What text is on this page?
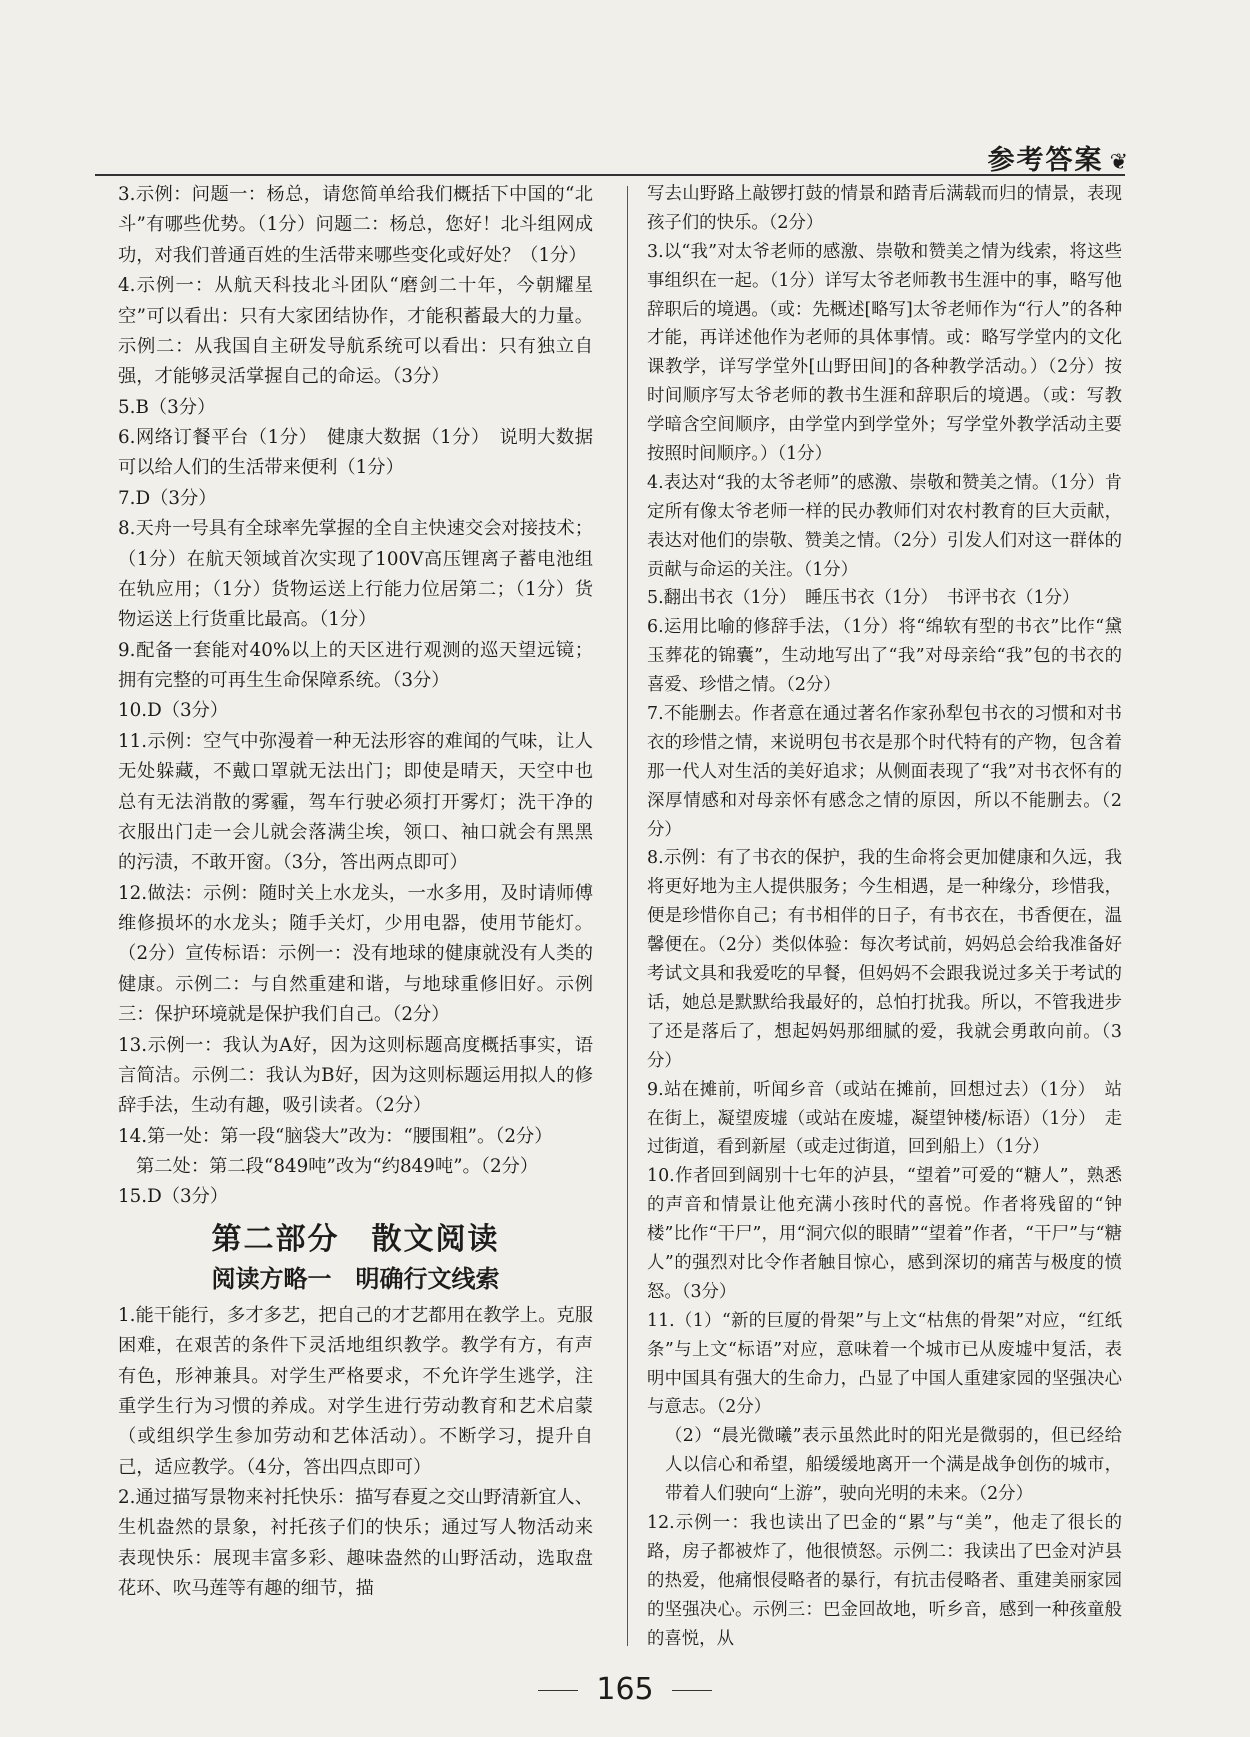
参考答案 ❦

3.示例：问题一：杨总，请您简单给我们概括下中国的“北斗”有哪些优势。（1分）问题二：杨总，您好！北斗组网成功，对我们普通百姓的生活带来哪些变化或好处？（1分）

4.示例一：从航天科技北斗团队“磨剑二十年，今朝耀星空”可以看出：只有大家团结协作，才能积蓄最大的力量。示例二：从我国自主研发导航系统可以看出：只有独立自强，才能够灵活掌握自己的命运。（3分）

5.B（3分）

6.网络订餐平台（1分）　健康大数据（1分）　说明大数据可以给人们的生活带来便利（1分）

7.D（3分）

8.天舟一号具有全球率先掌握的全自主快速交会对接技术；（1分）在航天领域首次实现了100V高压锂离子蓄电池组在轨应用；（1分）货物运送上行能力位居第二；（1分）货物运送上行货重比最高。（1分）

9.配备一套能对40%以上的天区进行观测的巡天望远镜；拥有完整的可再生生命保障系统。（3分）

10.D（3分）

11.示例：空气中弥漫着一种无法形容的难闻的气味，让人无处躲藏，不戴口罩就无法出门；即使是晴天，天空中也总有无法消散的雾霾，驾车行驶必须打开雾灯；洗干净的衣服出门走一会儿就会落满尘埃，领口、袖口就会有黑黑的污渍，不敢开窗。（3分，答出两点即可）

12.做法：示例：随时关上水龙头，一水多用，及时请师傅维修损坏的水龙头；随手关灯，少用电器，使用节能灯。（2分）宣传标语：示例一：没有地球的健康就没有人类的健康。示例二：与自然重建和谐，与地球重修旧好。示例三：保护环境就是保护我们自己。（2分）

13.示例一：我认为A好，因为这则标题高度概括事实，语言简洁。示例二：我认为B好，因为这则标题运用拟人的修辞手法，生动有趣，吸引读者。（2分）

14.第一处：第一段“脑袋大”改为：“腰围粗”。（2分）

第二处：第二段“849吨”改为“约849吨”。（2分）

15.D（3分）

第二部分　散文阅读
阅读方略一　明确行文线索

1.能干能行，多才多艺，把自己的才艺都用在教学上。克服困难，在艰苦的条件下灵活地组织教学。教学有方，有声有色，形神兼具。对学生严格要求，不允许学生逃学，注重学生行为习惯的养成。对学生进行劳动教育和艺术启蒙（或组织学生参加劳动和艺体活动）。不断学习，提升自己，适应教学。（4分，答出四点即可）

2.通过描写景物来衬托快乐：描写春夏之交山野清新宜人、生机盎然的景象，衬托孩子们的快乐；通过写人物活动来表现快乐：展现丰富多彩、趣味盎然的山野活动，选取盘花环、吹马莲等有趣的细节，描

写去山野路上敲锣打鼓的情景和踏青后满载而归的情景，表现孩子们的快乐。（2分）

3.以“我”对太爷老师的感激、崇敬和赞美之情为线索，将这些事组织在一起。（1分）详写太爷老师教书生涯中的事，略写他辞职后的境遇。（或：先概述[略写]太爷老师作为“行人”的各种才能，再详述他作为老师的具体事情。或：略写学堂内的文化课教学，详写学堂外[山野田间]的各种教学活动。）（2分）按时间顺序写太爷老师的教书生涯和辞职后的境遇。（或：写教学暗含空间顺序，由学堂内到学堂外；写学堂外教学活动主要按照时间顺序。）（1分）

4.表达对“我的太爷老师”的感激、崇敬和赞美之情。（1分）肯定所有像太爷老师一样的民办教师们对农村教育的巨大贡献，表达对他们的崇敬、赞美之情。（2分）引发人们对这一群体的贡献与命运的关注。（1分）

5.翻出书衣（1分）　睡压书衣（1分）　书评书衣（1分）

6.运用比喻的修辞手法，（1分）将“绵软有型的书衣”比作“黛玉葬花的锦囊”，生动地写出了“我”对母亲给“我”包的书衣的喜爱、珍惜之情。（2分）

7.不能删去。作者意在通过著名作家孙犁包书衣的习惯和对书衣的珍惜之情，来说明包书衣是那个时代特有的产物，包含着那一代人对生活的美好追求；从侧面表现了“我”对书衣怀有的深厚情感和对母亲怀有感念之情的原因，所以不能删去。（2分）

8.示例：有了书衣的保护，我的生命将会更加健康和久远，我将更好地为主人提供服务；今生相遇，是一种缘分，珍惜我，便是珍惜你自己；有书相伴的日子，有书衣在，书香便在，温馨便在。（2分）类似体验：每次考试前，妈妈总会给我准备好考试文具和我爱吃的早餐，但妈妈不会跟我说过多关于考试的话，她总是默默给我最好的，总怕打扰我。所以，不管我进步了还是落后了，想起妈妈那细腻的爱，我就会勇敢向前。（3分）

9.站在摊前，听闻乡音（或站在摊前，回想过去）（1分）　站在街上，凝望废墟（或站在废墟，凝望钟楼/标语）（1分）　走过街道，看到新屋（或走过街道，回到船上）（1分）

10.作者回到阔别十七年的泸县，“望着”可爱的“糖人”，熟悉的声音和情景让他充满小孩时代的喜悦。作者将残留的“钟楼”比作“干尸”，用“洞穴似的眼睛”“望着”作者，“干尸”与“糖人”的强烈对比令作者触目惊心，感到深切的痛苦与极度的愤怒。（3分）

11.（1）“新的巨厦的骨架”与上文“枯焦的骨架”对应，“红纸条”与上文“标语”对应，意味着一个城市已从废墟中复活，表明中国具有强大的生命力，凸显了中国人重建家园的坚强决心与意志。（2分）

（2）“晨光微曦”表示虽然此时的阳光是微弱的，但已经给人以信心和希望，船缓缓地离开一个满是战争创伤的城市，带着人们驶向“上游”，驶向光明的未来。（2分）

12.示例一：我也读出了巴金的“累”与“美”，他走了很长的路，房子都被炸了，他很愤怒。示例二：我读出了巴金对泸县的热爱，他痛恨侵略者的暴行，有抗击侵略者、重建美丽家园的坚强决心。示例三：巴金回故地，听乡音，感到一种孩童般的喜悦，从

165
